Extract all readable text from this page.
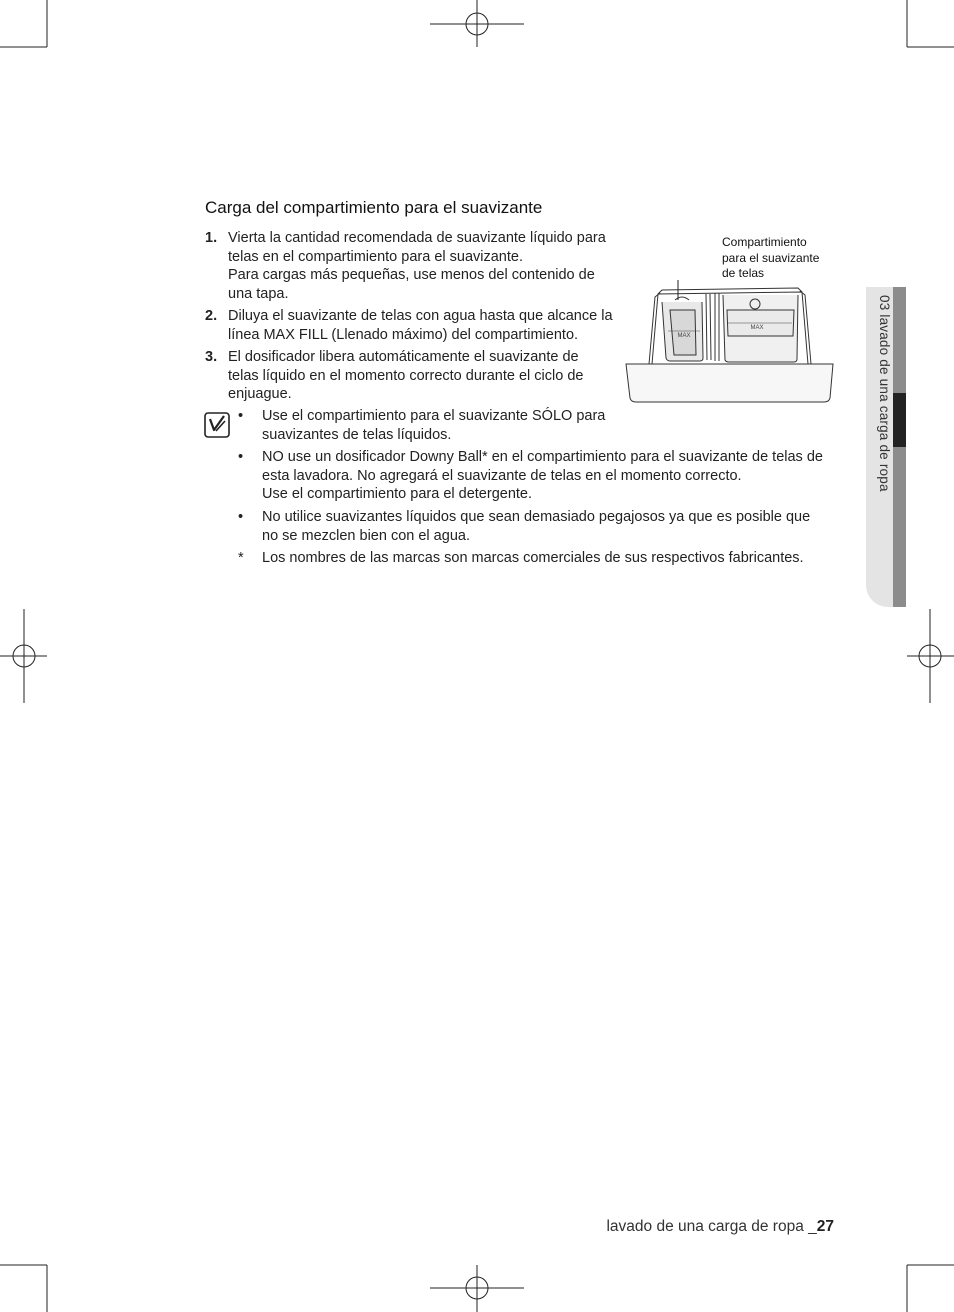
Carga del compartimiento para el suavizante
1. Vierta la cantidad recomendada de suavizante líquido para
telas en el compartimiento para el suavizante.
Para cargas más pequeñas, use menos del contenido de
una tapa.
2. Diluya el suavizante de telas con agua hasta que alcance la
línea MAX FILL (Llenado máximo) del compartimiento.
3. El dosificador libera automáticamente el suavizante de
telas líquido en el momento correcto durante el ciclo de
enjuague.
• Use el compartimiento para el suavizante SÓLO para
suavizantes de telas líquidos.
• NO use un dosificador Downy Ball* en el compartimiento para el suavizante de telas de
esta lavadora. No agregará el suavizante de telas en el momento correcto.
Use el compartimiento para el detergente.
• No utilice suavizantes líquidos que sean demasiado pegajosos ya que es posible que
no se mezclen bien con el agua.
* Los nombres de las marcas son marcas comerciales de sus respectivos fabricantes.
MAX
MAX
Compartimiento
para el suavizante
de telas
03 lavado de una carga de ropa
lavado de una carga de ropa _27
